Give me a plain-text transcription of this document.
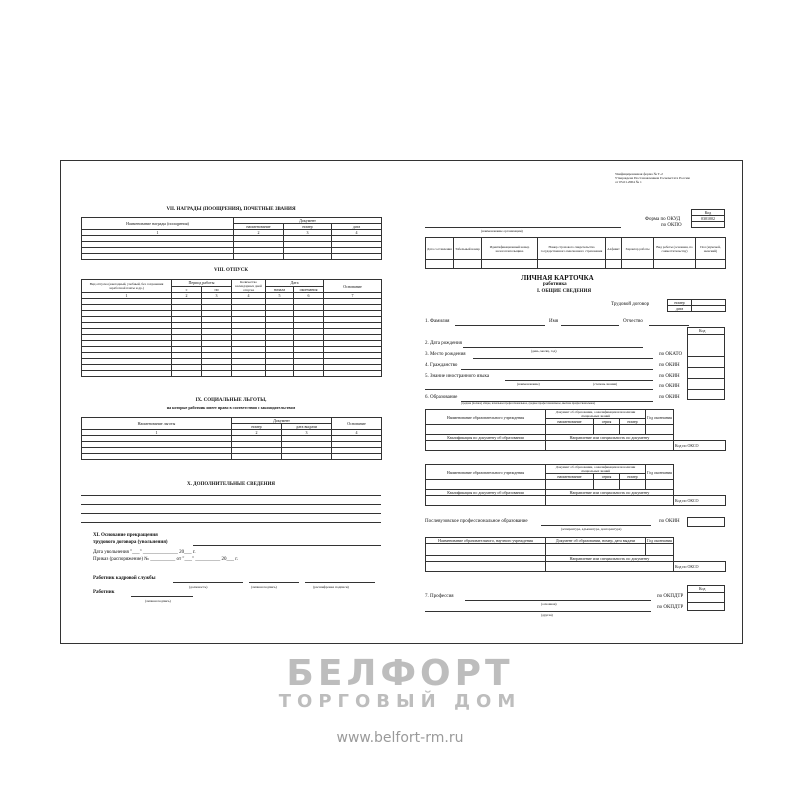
VII. НАГРАДЫ (ПООЩРЕНИЯ), ПОЧЕТНЫЕ ЗВАНИЯ
Наименование награды (поощрения)	Документ		
	наименование	номер	дата
1	2	3	4

VIII. ОТПУСК
Вид отпуска (ежегодный, учебный, без сохранения заработной платы и др.)	Период работы		Количество календарных дней отпуска	Дата		Основание
	с	по		начала	окончания	
1	2	3	4	5	6	7

IX. СОЦИАЛЬНЫЕ ЛЬГОТЫ,
на которые работник имеет право в соответствии с законодательством
Наименование льготы	Документ		Основание
	номер	дата выдачи	
1	2	3	4

X. ДОПОЛНИТЕЛЬНЫЕ СВЕДЕНИЯ
XI. Основание прекращения
трудового договора (увольнения)
Дата увольнения "___" ______________ 20___ г.
Приказ (распоряжение) № __________ от "___" __________ 20___ г.
Работник кадровой службы
(должность)	(личная подпись)	(расшифровка подписи)
Работник
(личная подпись)
Унифицированная форма № Т-2
Утверждена Постановлением Госкомстата России
от 05.01.2004 № 1
Код
0301002

Форма по ОКУД
по ОКПО
(наименование организации)
Дата составления	Табельный номер	Идентификационный номер налогоплательщика	Номер страхового свидетельства государственного пенсионного страхования	Алфавит	Характер работы	Вид работы (основная, по совместительству)	Пол (мужской, женский)

ЛИЧНАЯ КАРТОЧКА
работника
I. ОБЩИЕ СВЕДЕНИЯ
Трудовой договор	номер	
дата	
1. Фамилия	Имя	Отчество
Код
2. Дата рождения
(день, месяц, год)
3. Место рождения	по ОКАТО
4. Гражданство	по ОКИН
5. Знание иностранного языка	по ОКИН
(наименование)	(степень знания)	по ОКИН
6. Образование	по ОКИН
(среднее (полное) общее, начальное профессиональное, среднее профессиональное, высшее профессиональное)
Наименование образовательного учреждения	Документ об образовании, о квалификации или наличии специальных знаний			Год окончания	
	наименование	серия	номер		

Квалификация по документу об образовании	Направление или специальность по документу				
					Код по ОКСО
Наименование образовательного учреждения	Документ об образовании, о квалификации или наличии специальных знаний			Год окончания	
	наименование	серия	номер		

Квалификация по документу об образовании	Направление или специальность по документу				
					Код по ОКСО
Послевузовское профессиональное образование
(аспирантура, адъюнктура, докторантура)
по ОКИН
Наименование образовательного, научного учреждения	Документ об образовании, номер, дата выдачи	Год окончания	

	Направление или специальность по документу		
			Код по ОКСО
Код
7. Профессия	по ОКПДТР
(основная)
по ОКПДТР
(другая)
БЕЛФОРТ
ТОРГОВЫЙ ДОМ
www.belfort-rm.ru
